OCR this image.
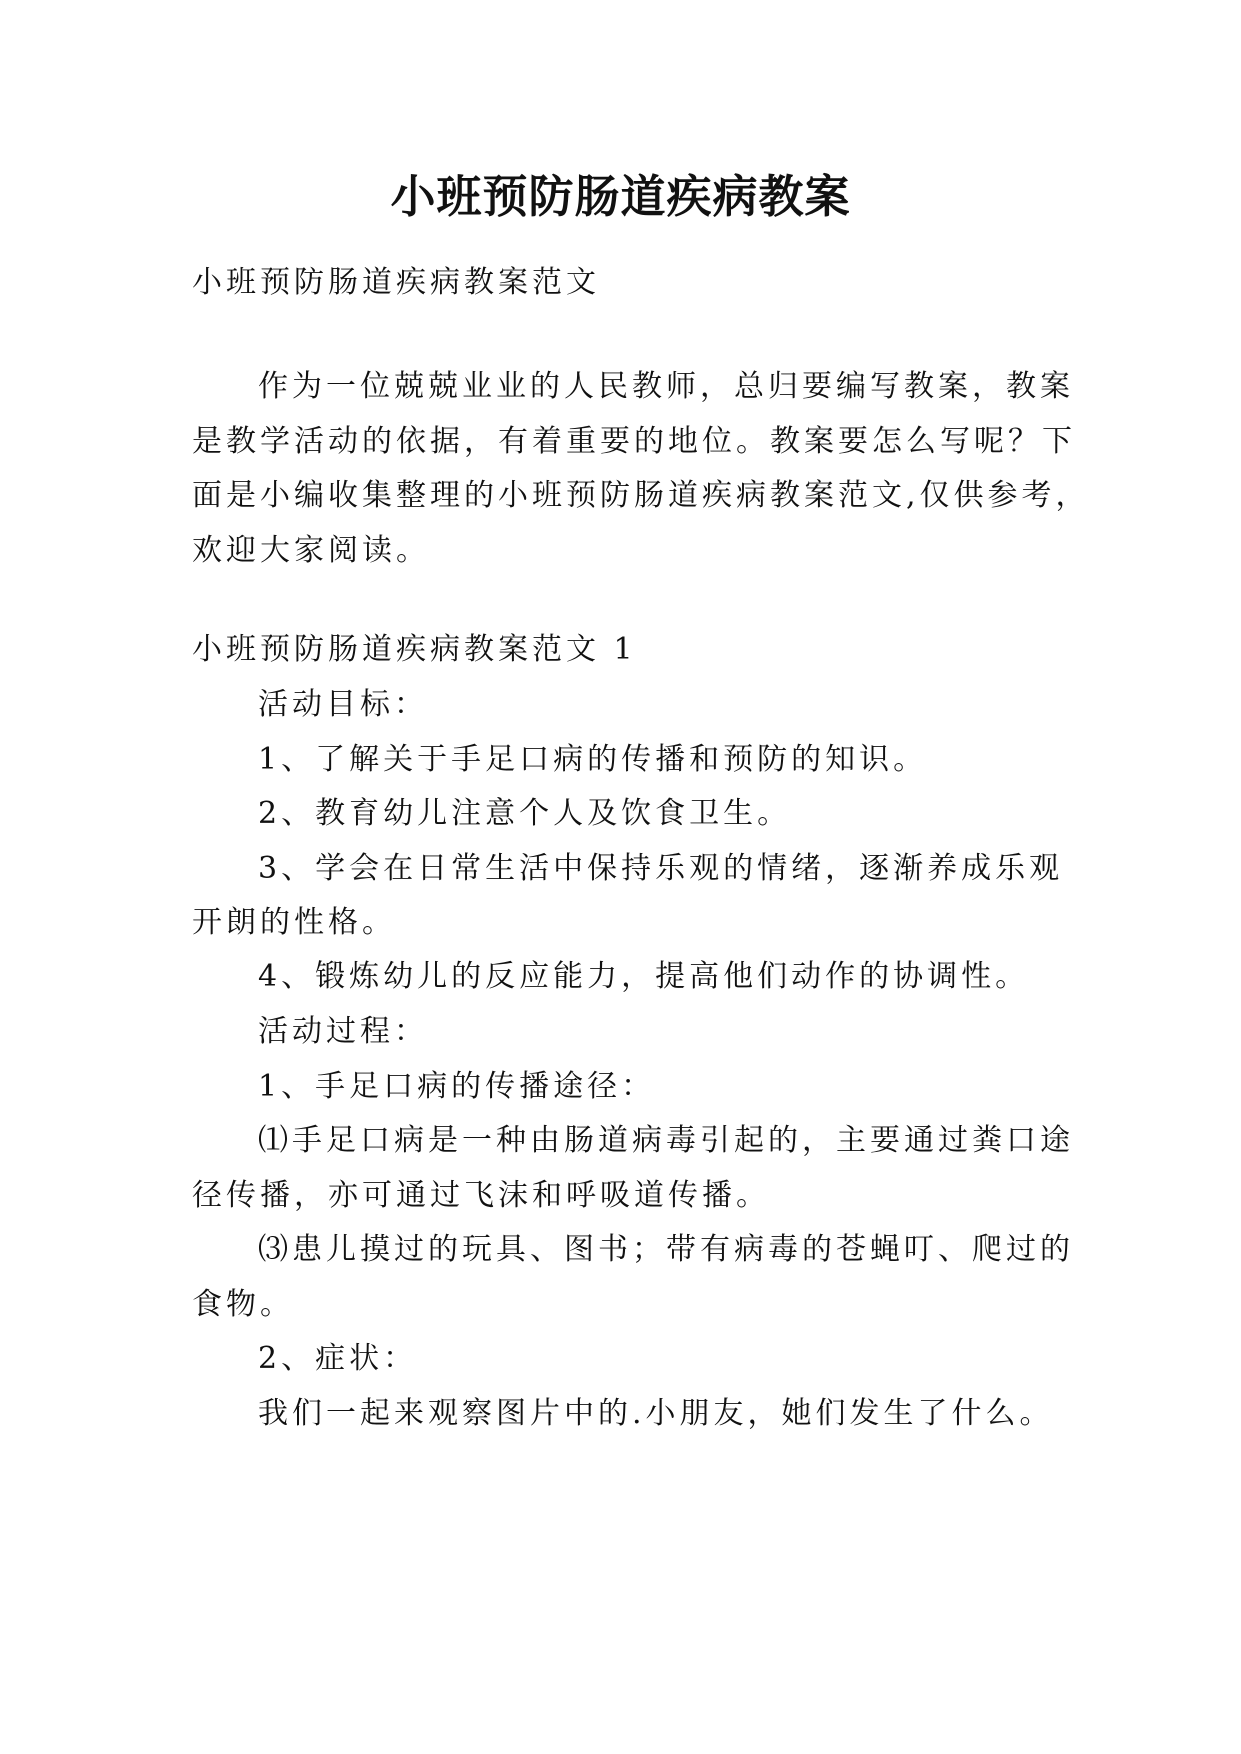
小班预防肠道疾病教案
小班预防肠道疾病教案范文
作为一位兢兢业业的人民教师，总归要编写教案，教案
是教学活动的依据，有着重要的地位。教案要怎么写呢？下
面是小编收集整理的小班预防肠道疾病教案范文,仅供参考，
欢迎大家阅读。
小班预防肠道疾病教案范文 1
活动目标：
1、了解关于手足口病的传播和预防的知识。
2、教育幼儿注意个人及饮食卫生。
3、学会在日常生活中保持乐观的情绪，逐渐养成乐观
开朗的性格。
4、锻炼幼儿的反应能力，提高他们动作的协调性。
活动过程：
1、手足口病的传播途径：
⑴手足口病是一种由肠道病毒引起的，主要通过粪口途
径传播，亦可通过飞沫和呼吸道传播。
⑶患儿摸过的玩具、图书；带有病毒的苍蝇叮、爬过的
食物。
2、症状：
我们一起来观察图片中的.小朋友，她们发生了什么。
